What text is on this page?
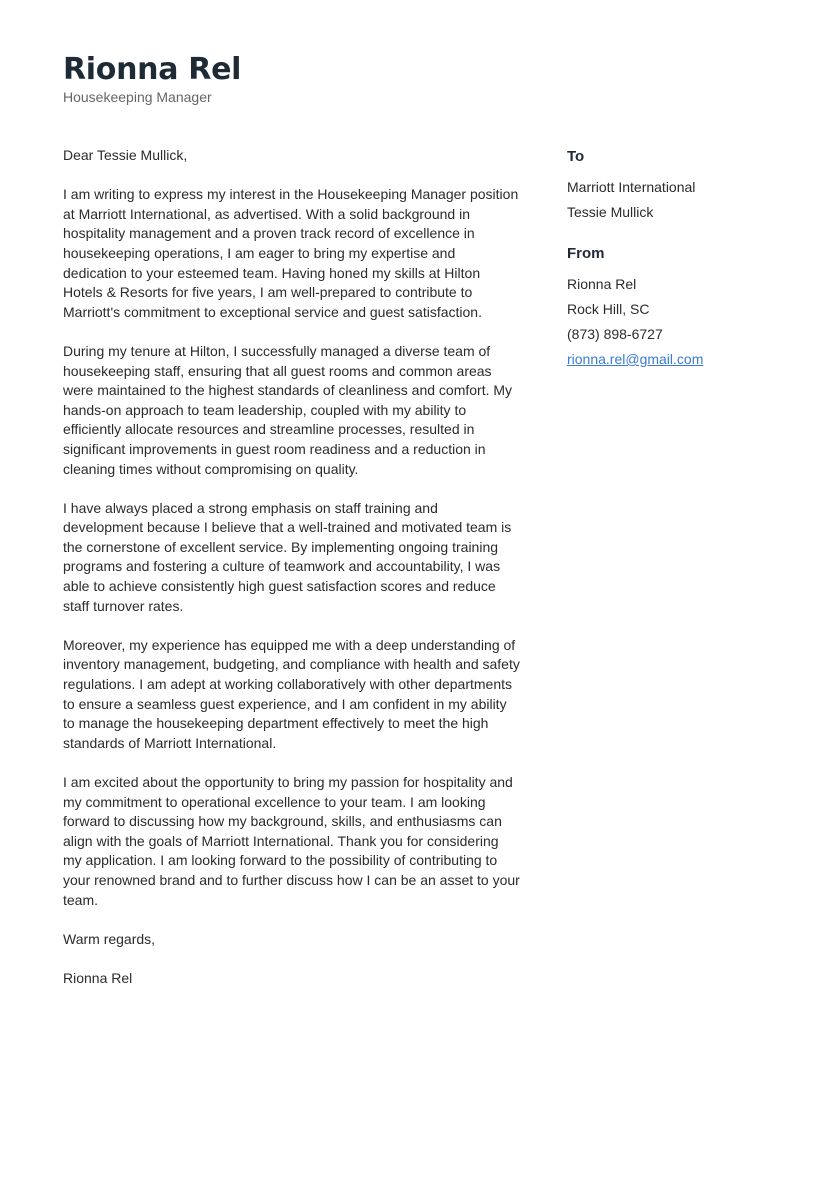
Rionna Rel

Housekeeping Manager

Dear Tessie Mullick,

I am writing to express my interest in the Housekeeping Manager position at Marriott International, as advertised. With a solid background in hospitality management and a proven track record of excellence in housekeeping operations, I am eager to bring my expertise and dedication to your esteemed team. Having honed my skills at Hilton Hotels & Resorts for five years, I am well-prepared to contribute to Marriott's commitment to exceptional service and guest satisfaction.

During my tenure at Hilton, I successfully managed a diverse team of housekeeping staff, ensuring that all guest rooms and common areas were maintained to the highest standards of cleanliness and comfort. My hands-on approach to team leadership, coupled with my ability to efficiently allocate resources and streamline processes, resulted in significant improvements in guest room readiness and a reduction in cleaning times without compromising on quality.

I have always placed a strong emphasis on staff training and development because I believe that a well-trained and motivated team is the cornerstone of excellent service. By implementing ongoing training programs and fostering a culture of teamwork and accountability, I was able to achieve consistently high guest satisfaction scores and reduce staff turnover rates.

Moreover, my experience has equipped me with a deep understanding of inventory management, budgeting, and compliance with health and safety regulations. I am adept at working collaboratively with other departments to ensure a seamless guest experience, and I am confident in my ability to manage the housekeeping department effectively to meet the high standards of Marriott International.

I am excited about the opportunity to bring my passion for hospitality and my commitment to operational excellence to your team. I am looking forward to discussing how my background, skills, and enthusiasms can align with the goals of Marriott International. Thank you for considering my application. I am looking forward to the possibility of contributing to your renowned brand and to further discuss how I can be an asset to your team.

Warm regards,

Rionna Rel

To
Marriott International
Tessie Mullick
From
Rionna Rel
Rock Hill, SC
(873) 898-6727
rionna.rel@gmail.com
